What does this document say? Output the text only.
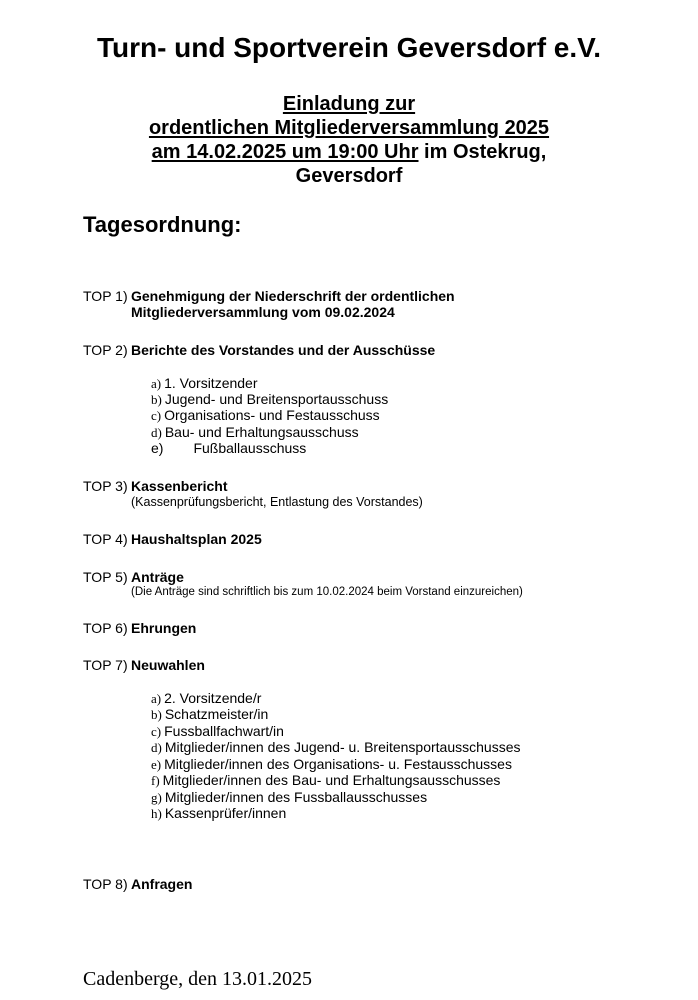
Turn- und Sportverein Geversdorf e.V.
Einladung zur
ordentlichen Mitgliederversammlung 2025
am 14.02.2025 um 19:00 Uhr im Ostekrug,
Geversdorf
Tagesordnung:
TOP 1) Genehmigung der Niederschrift der ordentlichen
Mitgliederversammlung vom 09.02.2024
TOP 2) Berichte des Vorstandes und der Ausschüsse
a) 1. Vorsitzender
b) Jugend- und Breitensportausschuss
c) Organisations- und Festausschuss
d) Bau- und Erhaltungsausschuss
e) Fußballausschuss
TOP 3) Kassenbericht
(Kassenprüfungsbericht, Entlastung des Vorstandes)
TOP 4) Haushaltsplan 2025
TOP 5) Anträge
(Die Anträge sind schriftlich bis zum 10.02.2024 beim Vorstand einzureichen)
TOP 6) Ehrungen
TOP 7) Neuwahlen
a) 2. Vorsitzende/r
b) Schatzmeister/in
c) Fussballfachwart/in
d) Mitglieder/innen des Jugend- u. Breitensportausschusses
e) Mitglieder/innen des Organisations- u. Festausschusses
f) Mitglieder/innen des Bau- und Erhaltungsausschusses
g) Mitglieder/innen des Fussballausschusses
h) Kassenprüfer/innen
TOP 8) Anfragen
Cadenberge, den 13.01.2025
